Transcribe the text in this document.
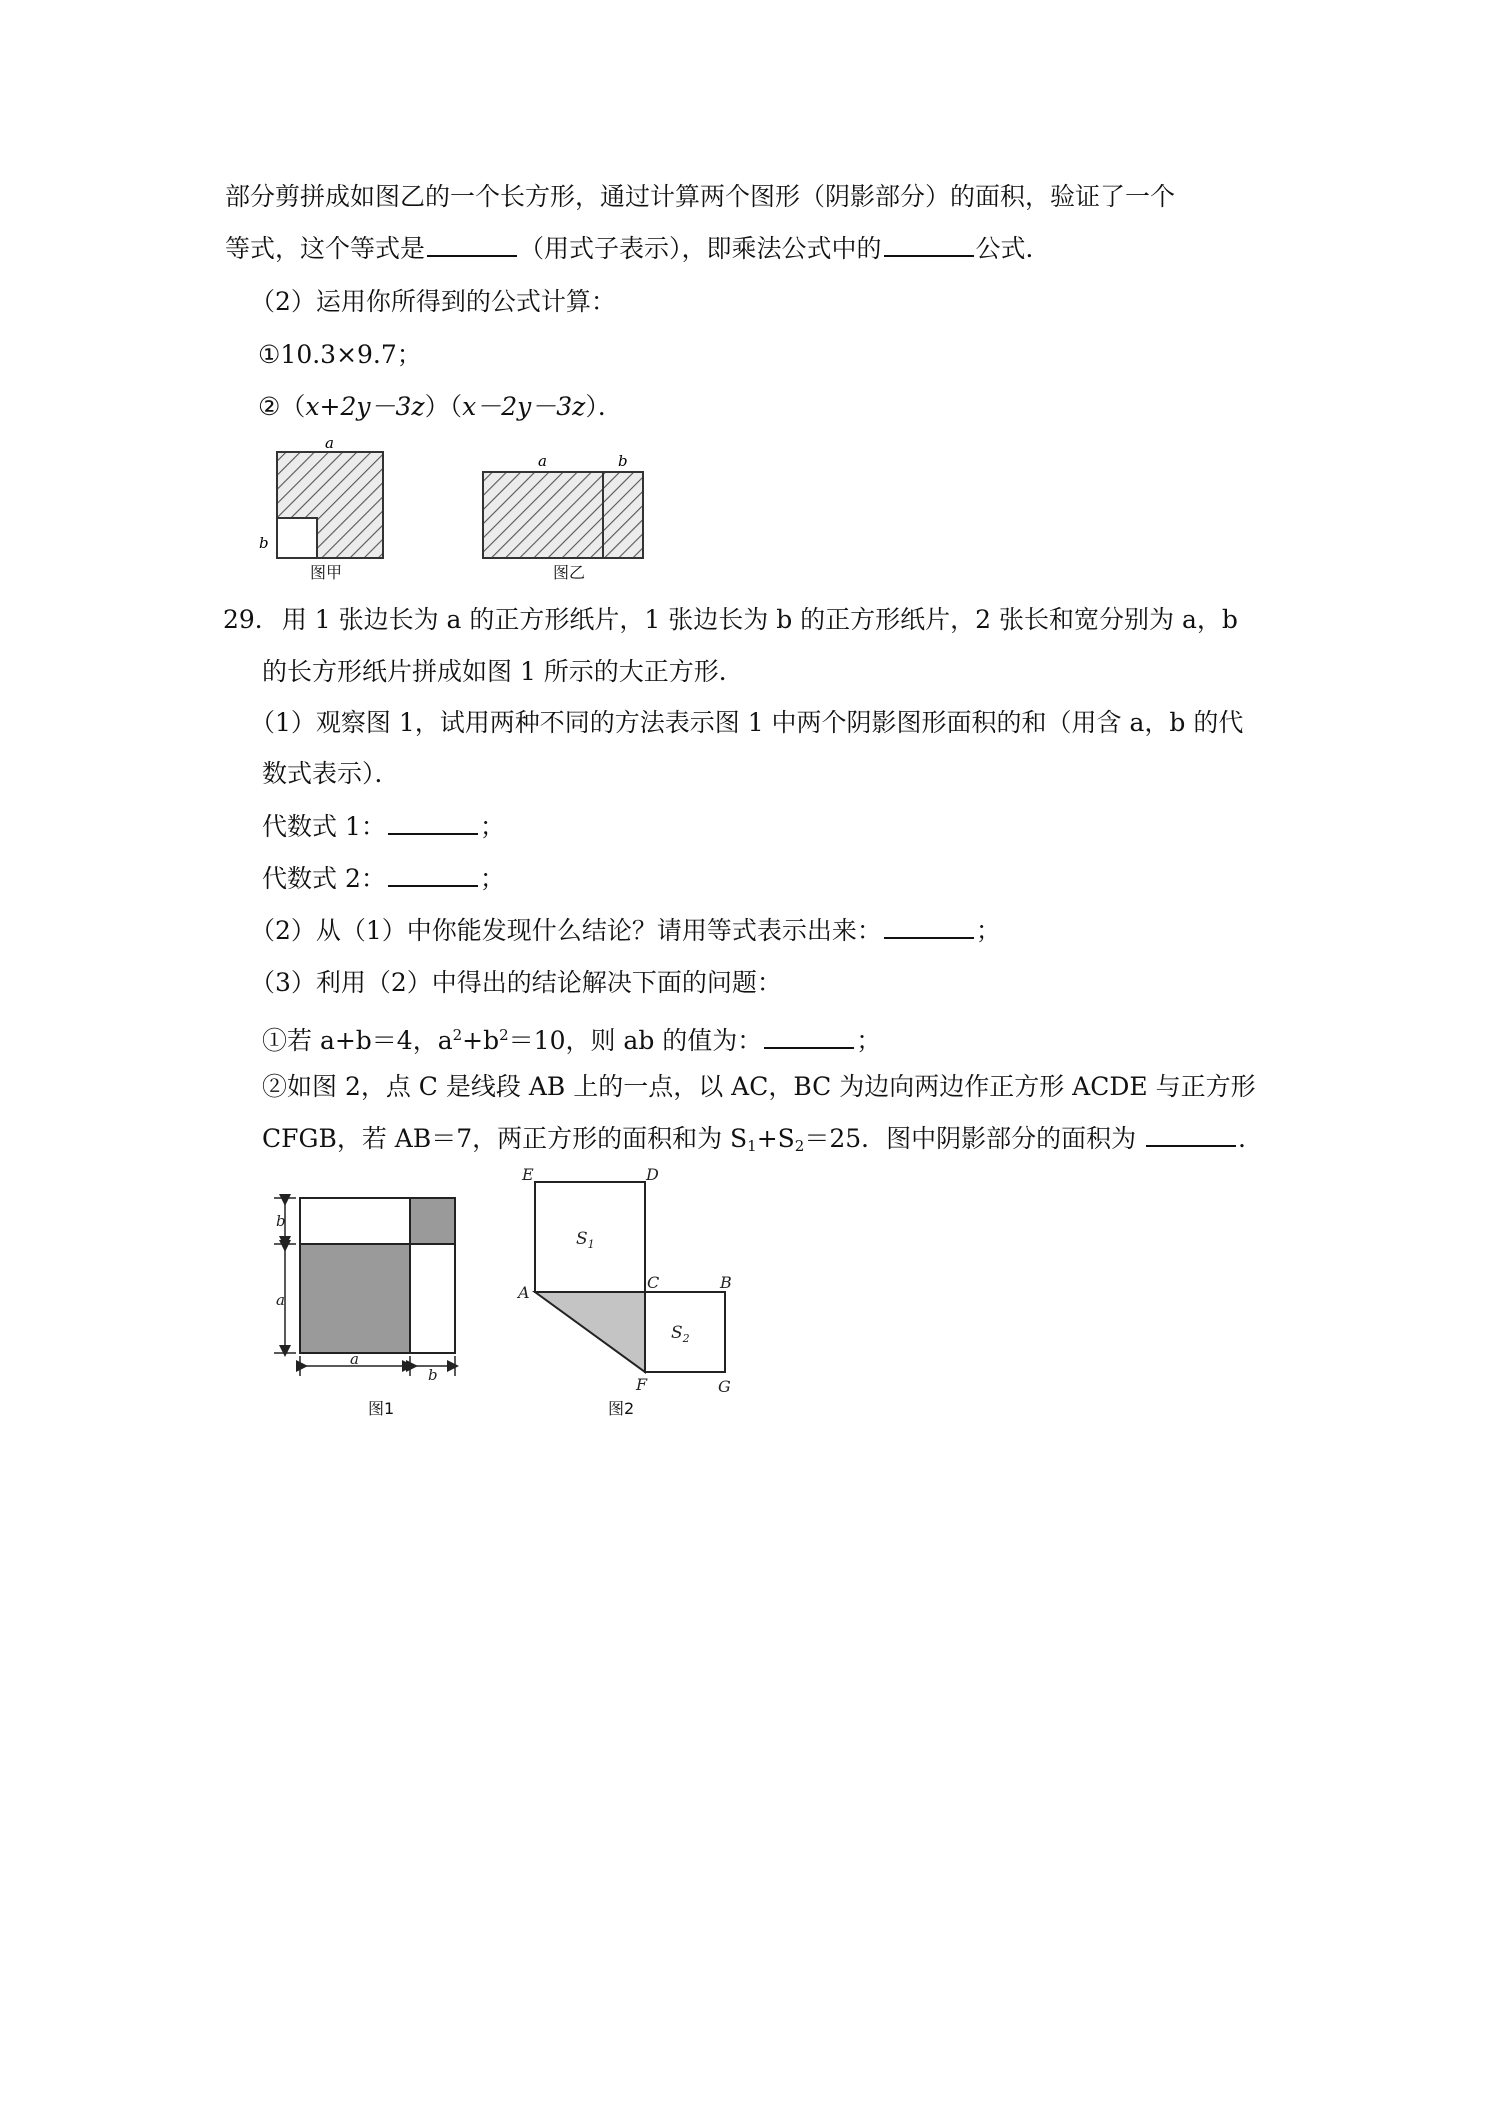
部分剪拼成如图乙的一个长方形，通过计算两个图形（阴影部分）的面积，验证了一个
等式，这个等式是	（用式子表示），即乘法公式中的	公式．
（2）运用你所得到的公式计算：
①10.3×9.7；
②（x+2y－3z）（x－2y－3z）．
a
b
图甲
a	b
图乙
29．用 1 张边长为 a 的正方形纸片，1 张边长为 b 的正方形纸片，2 张长和宽分别为 a，b
的长方形纸片拼成如图 1 所示的大正方形．
（1）观察图 1，试用两种不同的方法表示图 1 中两个阴影图形面积的和（用含 a，b 的代
数式表示）．
代数式 1：	；
代数式 2：	；
（2）从（1）中你能发现什么结论？请用等式表示出来：	；
（3）利用（2）中得出的结论解决下面的问题：
①若 a+b＝4，$a^2+b^2=10$，则 ab 的值为：	；
②如图 2，点 C 是线段 AB 上的一点，以 AC，BC 为边向两边作正方形 ACDE 与正方形
CFGB，若 AB＝7，两正方形的面积和为 $S_1+S_2=25$．图中阴影部分的面积为	．
b
a
a
b
图1
E	D
A
C	B
F	G
$S_1$
$S_2$
图2
